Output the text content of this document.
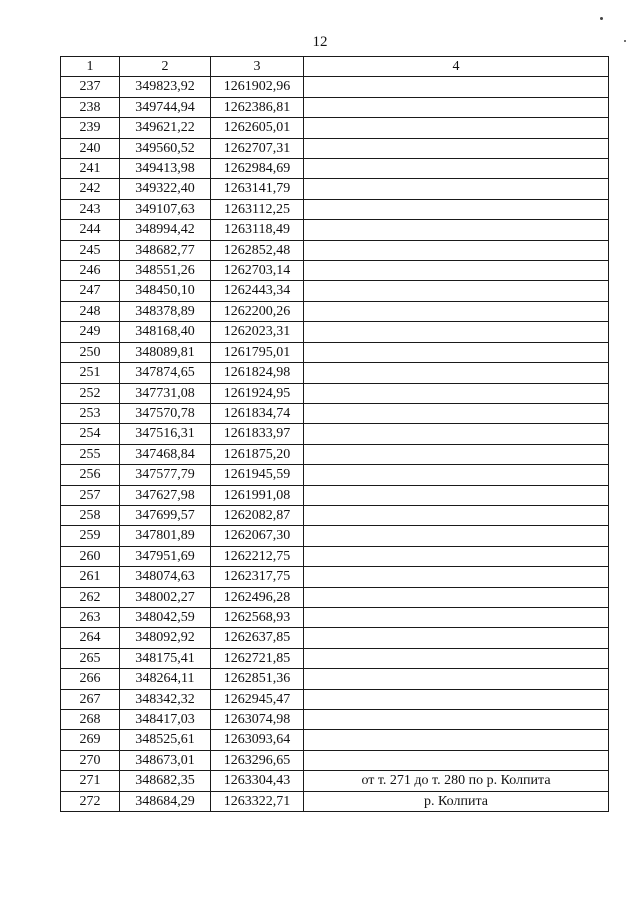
12
1	2	3	4
237	349823,92	1261902,96	
238	349744,94	1262386,81	
239	349621,22	1262605,01	
240	349560,52	1262707,31	
241	349413,98	1262984,69	
242	349322,40	1263141,79	
243	349107,63	1263112,25	
244	348994,42	1263118,49	
245	348682,77	1262852,48	
246	348551,26	1262703,14	
247	348450,10	1262443,34	
248	348378,89	1262200,26	
249	348168,40	1262023,31	
250	348089,81	1261795,01	
251	347874,65	1261824,98	
252	347731,08	1261924,95	
253	347570,78	1261834,74	
254	347516,31	1261833,97	
255	347468,84	1261875,20	
256	347577,79	1261945,59	
257	347627,98	1261991,08	
258	347699,57	1262082,87	
259	347801,89	1262067,30	
260	347951,69	1262212,75	
261	348074,63	1262317,75	
262	348002,27	1262496,28	
263	348042,59	1262568,93	
264	348092,92	1262637,85	
265	348175,41	1262721,85	
266	348264,11	1262851,36	
267	348342,32	1262945,47	
268	348417,03	1263074,98	
269	348525,61	1263093,64	
270	348673,01	1263296,65	
271	348682,35	1263304,43	от т. 271 до т. 280 по р. Колпита
272	348684,29	1263322,71	р. Колпита
